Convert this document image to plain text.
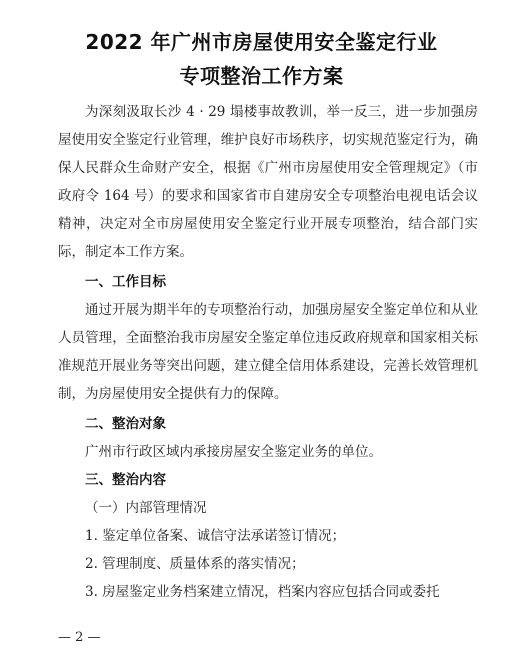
2022 年广州市房屋使用安全鉴定行业
专项整治工作方案

为深刻汲取长沙 4 · 29 塌楼事故教训，举一反三，进一步加强房屋使用安全鉴定行业管理，维护良好市场秩序，切实规范鉴定行为，确保人民群众生命财产安全，根据《广州市房屋使用安全管理规定》（市政府令 164 号）的要求和国家省市自建房安全专项整治电视电话会议精神，决定对全市房屋使用安全鉴定行业开展专项整治，结合部门实际，制定本工作方案。

一、工作目标

通过开展为期半年的专项整治行动，加强房屋安全鉴定单位和从业人员管理，全面整治我市房屋安全鉴定单位违反政府规章和国家相关标准规范开展业务等突出问题，建立健全信用体系建设，完善长效管理机制，为房屋使用安全提供有力的保障。

二、整治对象

广州市行政区域内承接房屋安全鉴定业务的单位。

三、整治内容

（一）内部管理情况

1. 鉴定单位备案、诚信守法承诺签订情况；

2. 管理制度、质量体系的落实情况；

3. 房屋鉴定业务档案建立情况，档案内容应包括合同或委托

— 2 —
